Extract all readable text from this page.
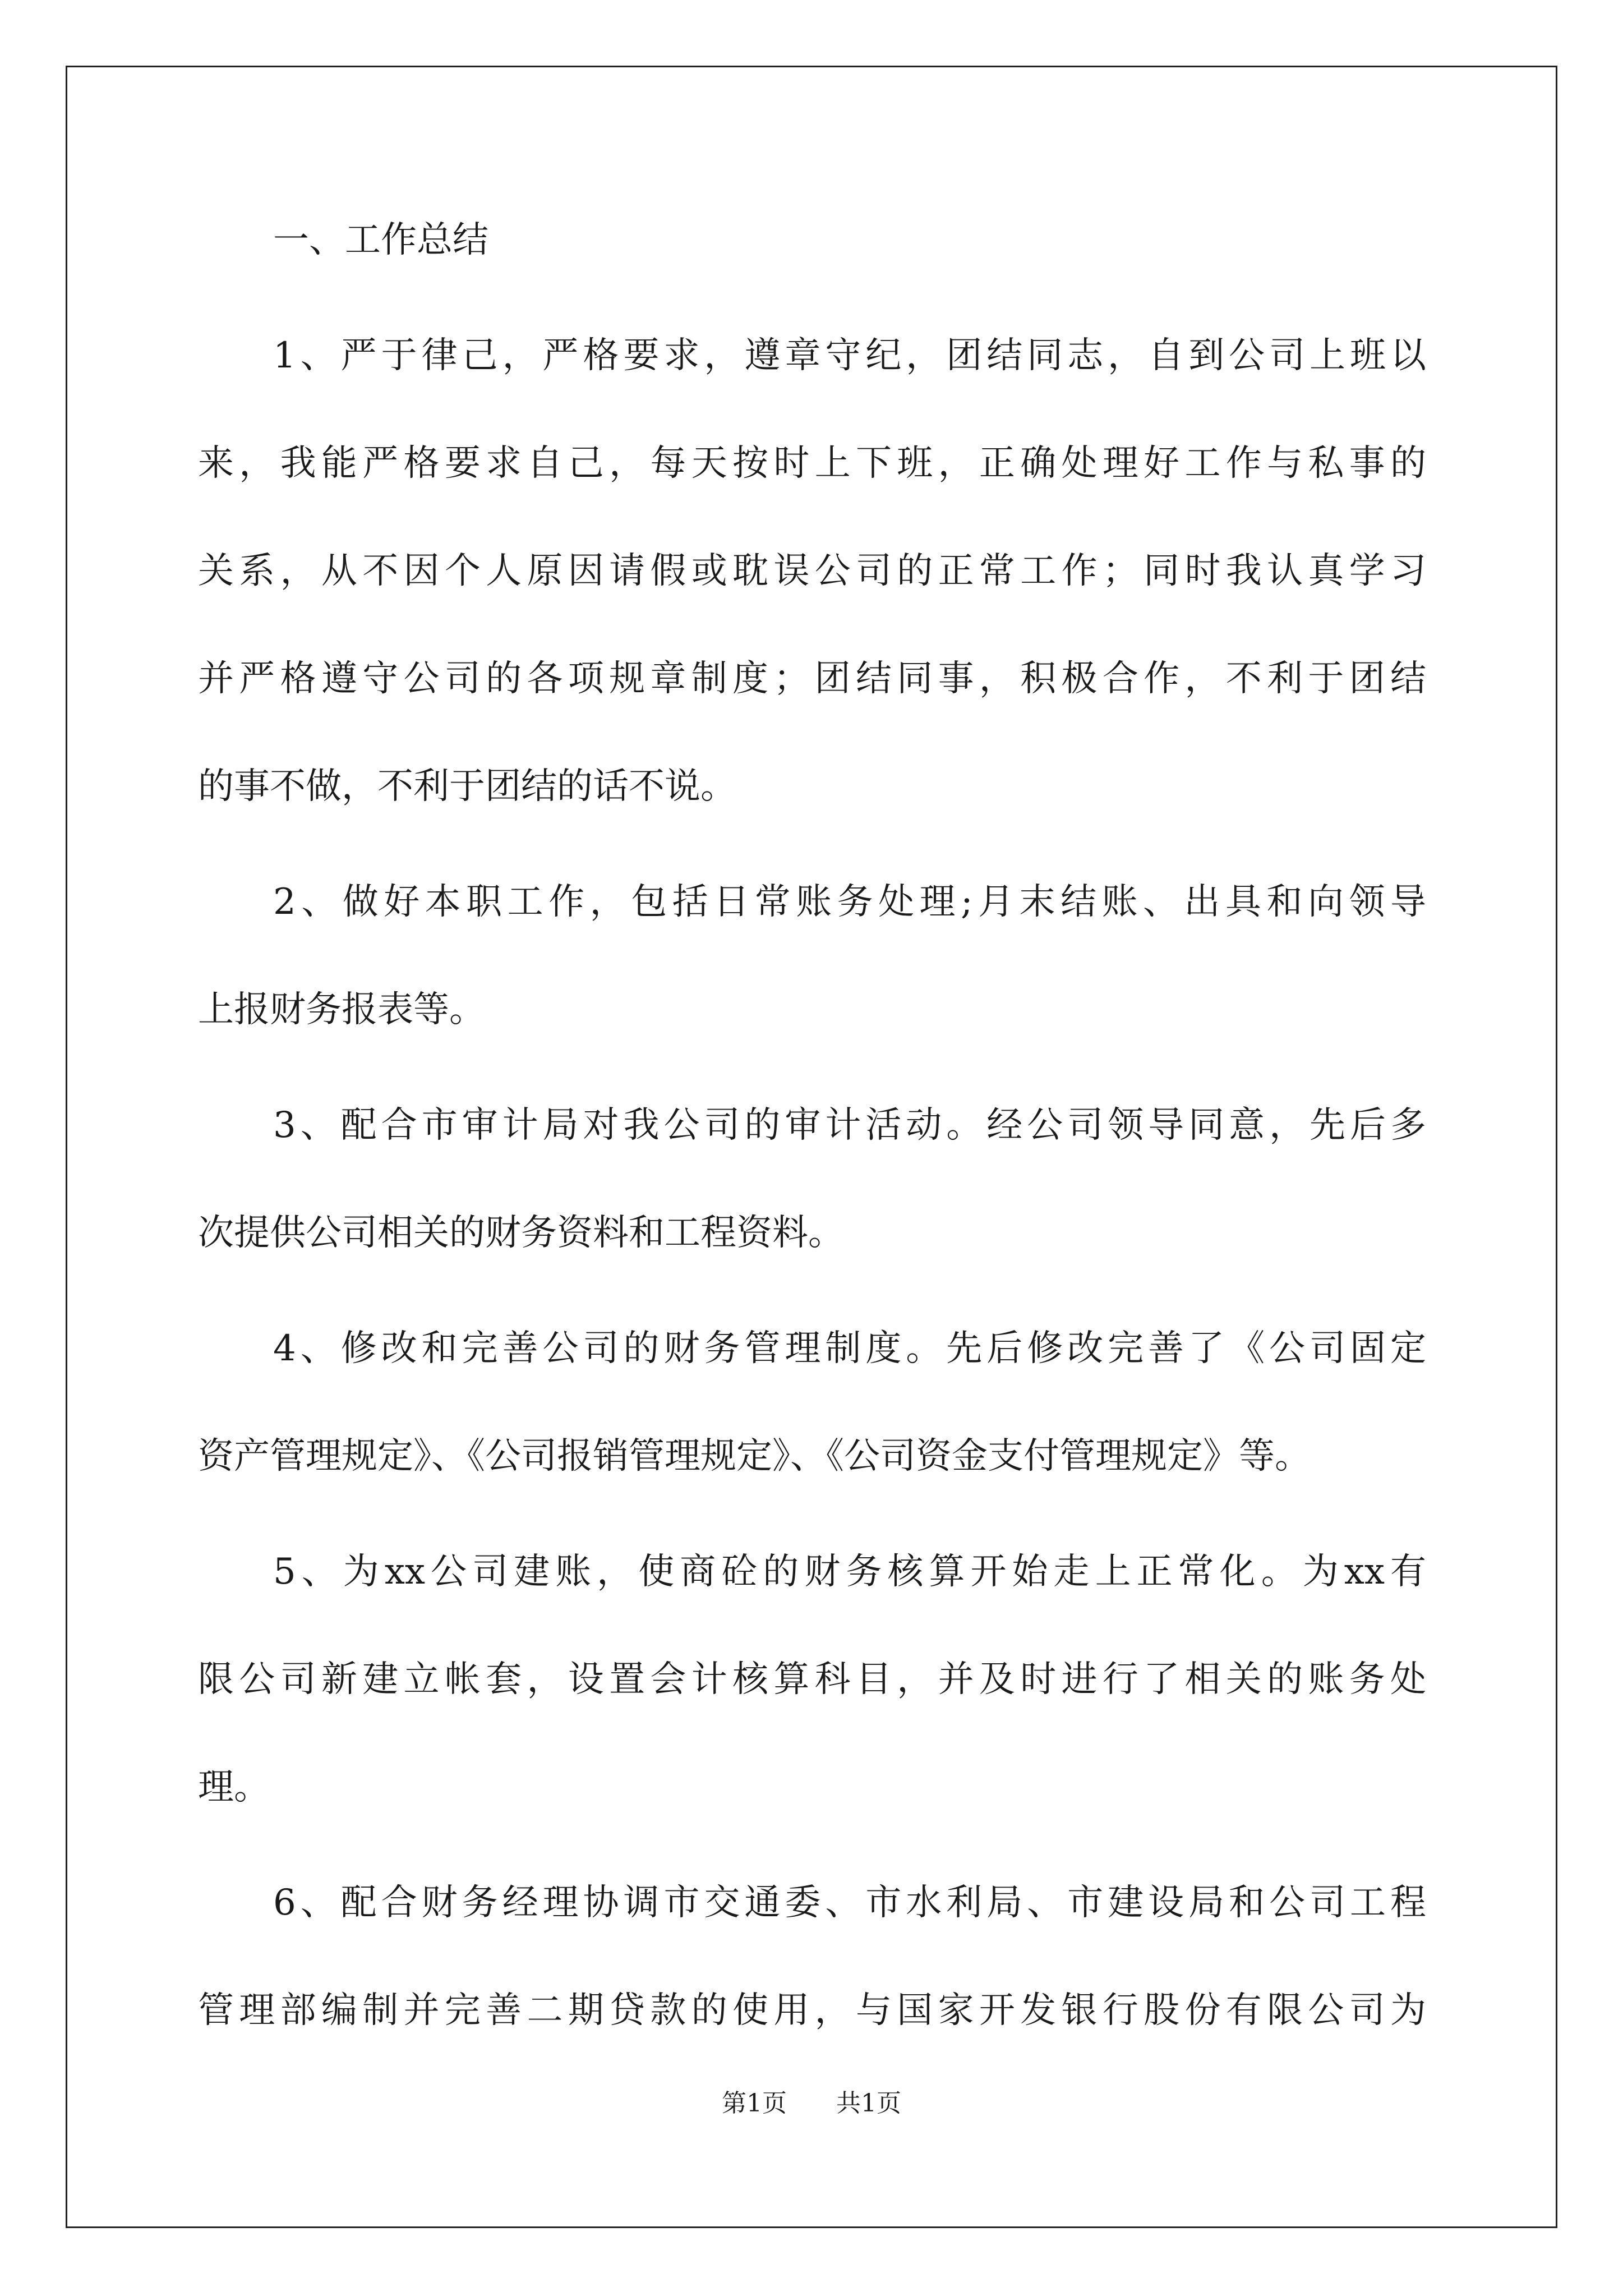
一、工作总结
1、严于律己，严格要求，遵章守纪，团结同志，自到公司上班以
来，我能严格要求自己，每天按时上下班，正确处理好工作与私事的
关系，从不因个人原因请假或耽误公司的正常工作；同时我认真学习
并严格遵守公司的各项规章制度；团结同事，积极合作，不利于团结
的事不做，不利于团结的话不说。
2、做好本职工作，包括日常账务处理;月末结账、出具和向领导
上报财务报表等。
3、配合市审计局对我公司的审计活动。经公司领导同意，先后多
次提供公司相关的财务资料和工程资料。
4、修改和完善公司的财务管理制度。先后修改完善了《公司固定
资产管理规定》、《公司报销管理规定》、《公司资金支付管理规定》等。
5、为xx公司建账，使商砼的财务核算开始走上正常化。为xx有
限公司新建立帐套，设置会计核算科目，并及时进行了相关的账务处
理。
6、配合财务经理协调市交通委、市水利局、市建设局和公司工程
管理部编制并完善二期贷款的使用，与国家开发银行股份有限公司为
第1页 共1页
